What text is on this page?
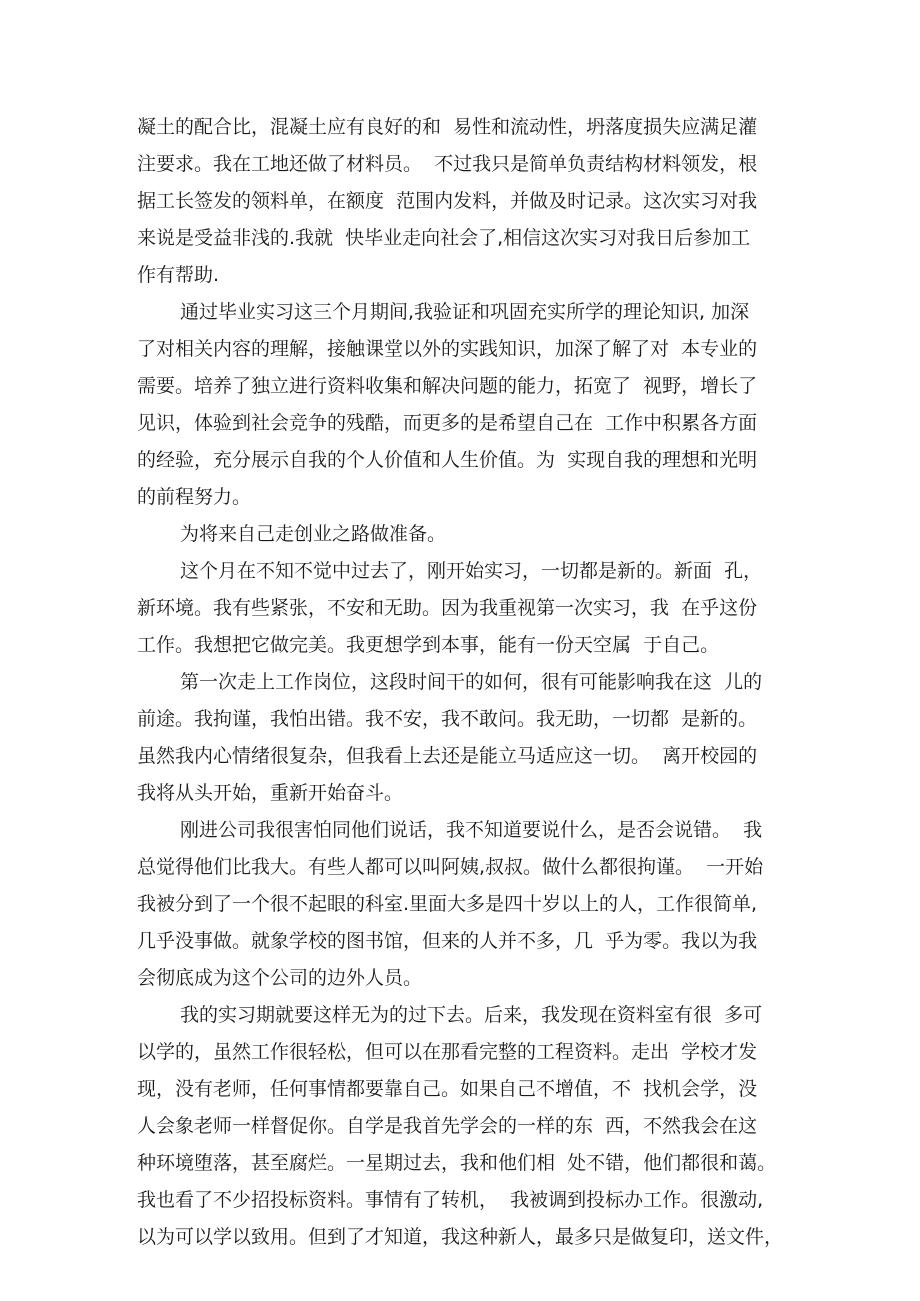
凝土的配合比，混凝土应有良好的和  易性和流动性，坍落度损失应满足灌
注要求。我在工地还做了材料员。  不过我只是简单负责结构材料领发，根
据工长签发的领料单，在额度  范围内发料，并做及时记录。这次实习对我
来说是受益非浅的.我就  快毕业走向社会了,相信这次实习对我日后参加工
作有帮助.
通过毕业实习这三个月期间,我验证和巩固充实所学的理论知识, 加深
了对相关内容的理解，接触课堂以外的实践知识，加深了解了对  本专业的
需要。培养了独立进行资料收集和解决问题的能力，拓宽了  视野，增长了
见识，体验到社会竞争的残酷，而更多的是希望自己在  工作中积累各方面
的经验，充分展示自我的个人价值和人生价值。为  实现自我的理想和光明
的前程努力。
为将来自己走创业之路做准备。
这个月在不知不觉中过去了，刚开始实习，一切都是新的。新面  孔，
新环境。我有些紧张，不安和无助。因为我重视第一次实习，我  在乎这份
工作。我想把它做完美。我更想学到本事，能有一份天空属  于自己。
第一次走上工作岗位，这段时间干的如何，很有可能影响我在这  儿的
前途。我拘谨，我怕出错。我不安，我不敢问。我无助，一切都  是新的。
虽然我内心情绪很复杂，但我看上去还是能立马适应这一切。  离开校园的
我将从头开始，重新开始奋斗。
刚进公司我很害怕同他们说话，我不知道要说什么，是否会说错。  我
总觉得他们比我大。有些人都可以叫阿姨,叔叔。做什么都很拘谨。  一开始
我被分到了一个很不起眼的科室.里面大多是四十岁以上的人，工作很简单,
几乎没事做。就象学校的图书馆，但来的人并不多，几  乎为零。我以为我
会彻底成为这个公司的边外人员。
我的实习期就要这样无为的过下去。后来，我发现在资料室有很  多可
以学的，虽然工作很轻松，但可以在那看完整的工程资料。走出  学校才发
现，没有老师，任何事情都要靠自己。如果自己不增值，不  找机会学，没
人会象老师一样督促你。自学是我首先学会的一样的东  西，不然我会在这
种环境堕落，甚至腐烂。一星期过去，我和他们相  处不错，他们都很和蔼。
我也看了不少招投标资料。事情有了转机，  我被调到投标办工作。很激动,
以为可以学以致用。但到了才知道，我这种新人，最多只是做复印，送文件，
